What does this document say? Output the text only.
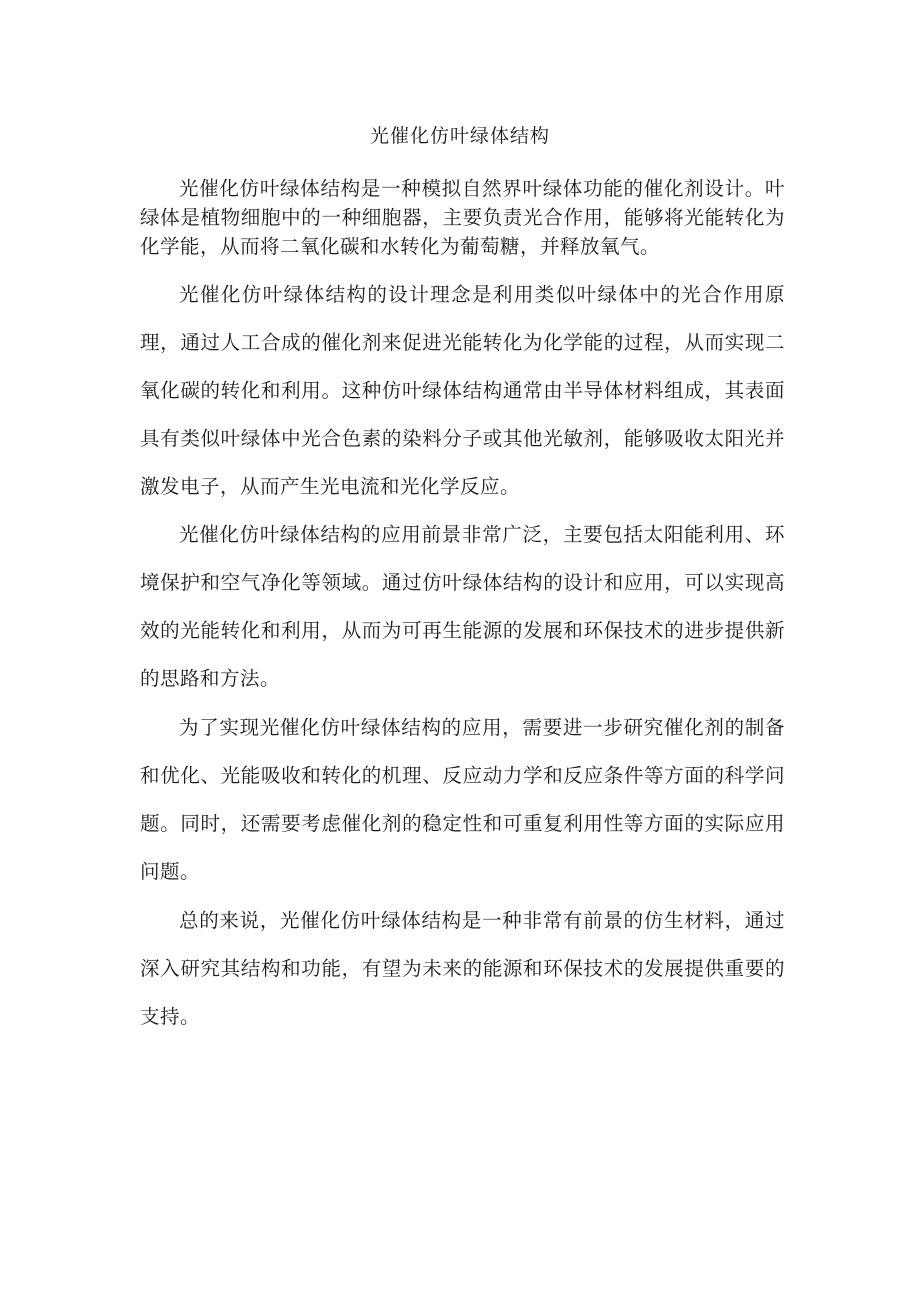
光催化仿叶绿体结构

光催化仿叶绿体结构是一种模拟自然界叶绿体功能的催化剂设计。叶绿体是植物细胞中的一种细胞器，主要负责光合作用，能够将光能转化为化学能，从而将二氧化碳和水转化为葡萄糖，并释放氧气。

光催化仿叶绿体结构的设计理念是利用类似叶绿体中的光合作用原理，通过人工合成的催化剂来促进光能转化为化学能的过程，从而实现二氧化碳的转化和利用。这种仿叶绿体结构通常由半导体材料组成，其表面具有类似叶绿体中光合色素的染料分子或其他光敏剂，能够吸收太阳光并激发电子，从而产生光电流和光化学反应。

光催化仿叶绿体结构的应用前景非常广泛，主要包括太阳能利用、环境保护和空气净化等领域。通过仿叶绿体结构的设计和应用，可以实现高效的光能转化和利用，从而为可再生能源的发展和环保技术的进步提供新的思路和方法。

为了实现光催化仿叶绿体结构的应用，需要进一步研究催化剂的制备和优化、光能吸收和转化的机理、反应动力学和反应条件等方面的科学问题。同时，还需要考虑催化剂的稳定性和可重复利用性等方面的实际应用问题。

总的来说，光催化仿叶绿体结构是一种非常有前景的仿生材料，通过深入研究其结构和功能，有望为未来的能源和环保技术的发展提供重要的支持。
